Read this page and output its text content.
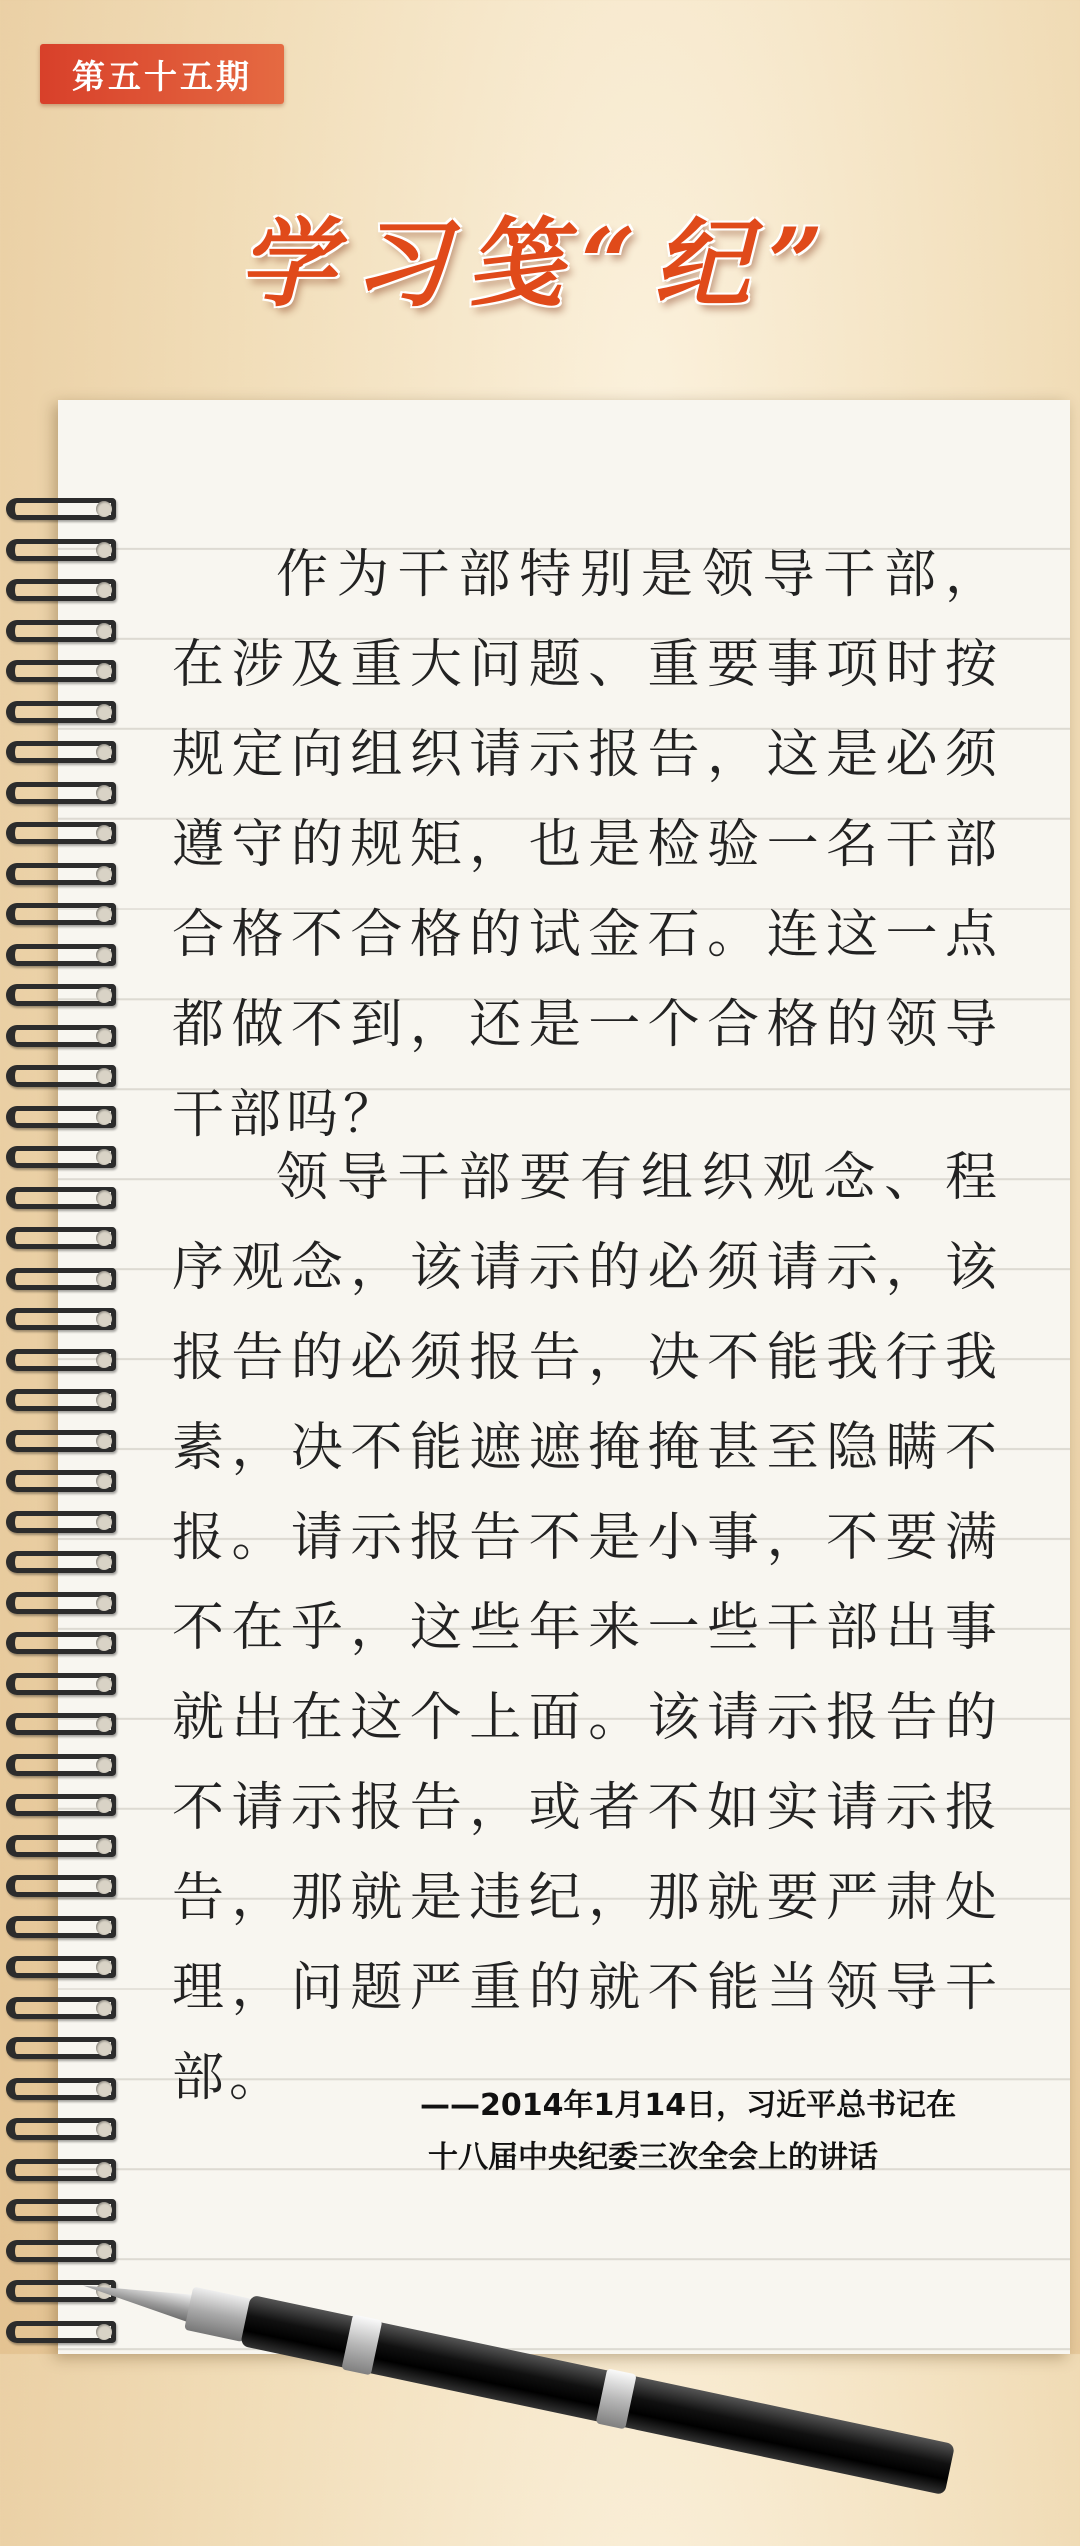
第五十五期
学习笺“纪”

作为干部特别是领导干部，在涉及重大问题、重要事项时按规定向组织请示报告，这是必须遵守的规矩，也是检验一名干部合格不合格的试金石。连这一点都做不到，还是一个合格的领导干部吗？

领导干部要有组织观念、程序观念，该请示的必须请示，该报告的必须报告，决不能我行我素，决不能遮遮掩掩甚至隐瞒不报。请示报告不是小事，不要满不在乎，这些年来一些干部出事就出在这个上面。该请示报告的不请示报告，或者不如实请示报告，那就是违纪，那就要严肃处理，问题严重的就不能当领导干部。	——2014年1月14日，习近平总书记在
十八届中央纪委三次全会上的讲话
